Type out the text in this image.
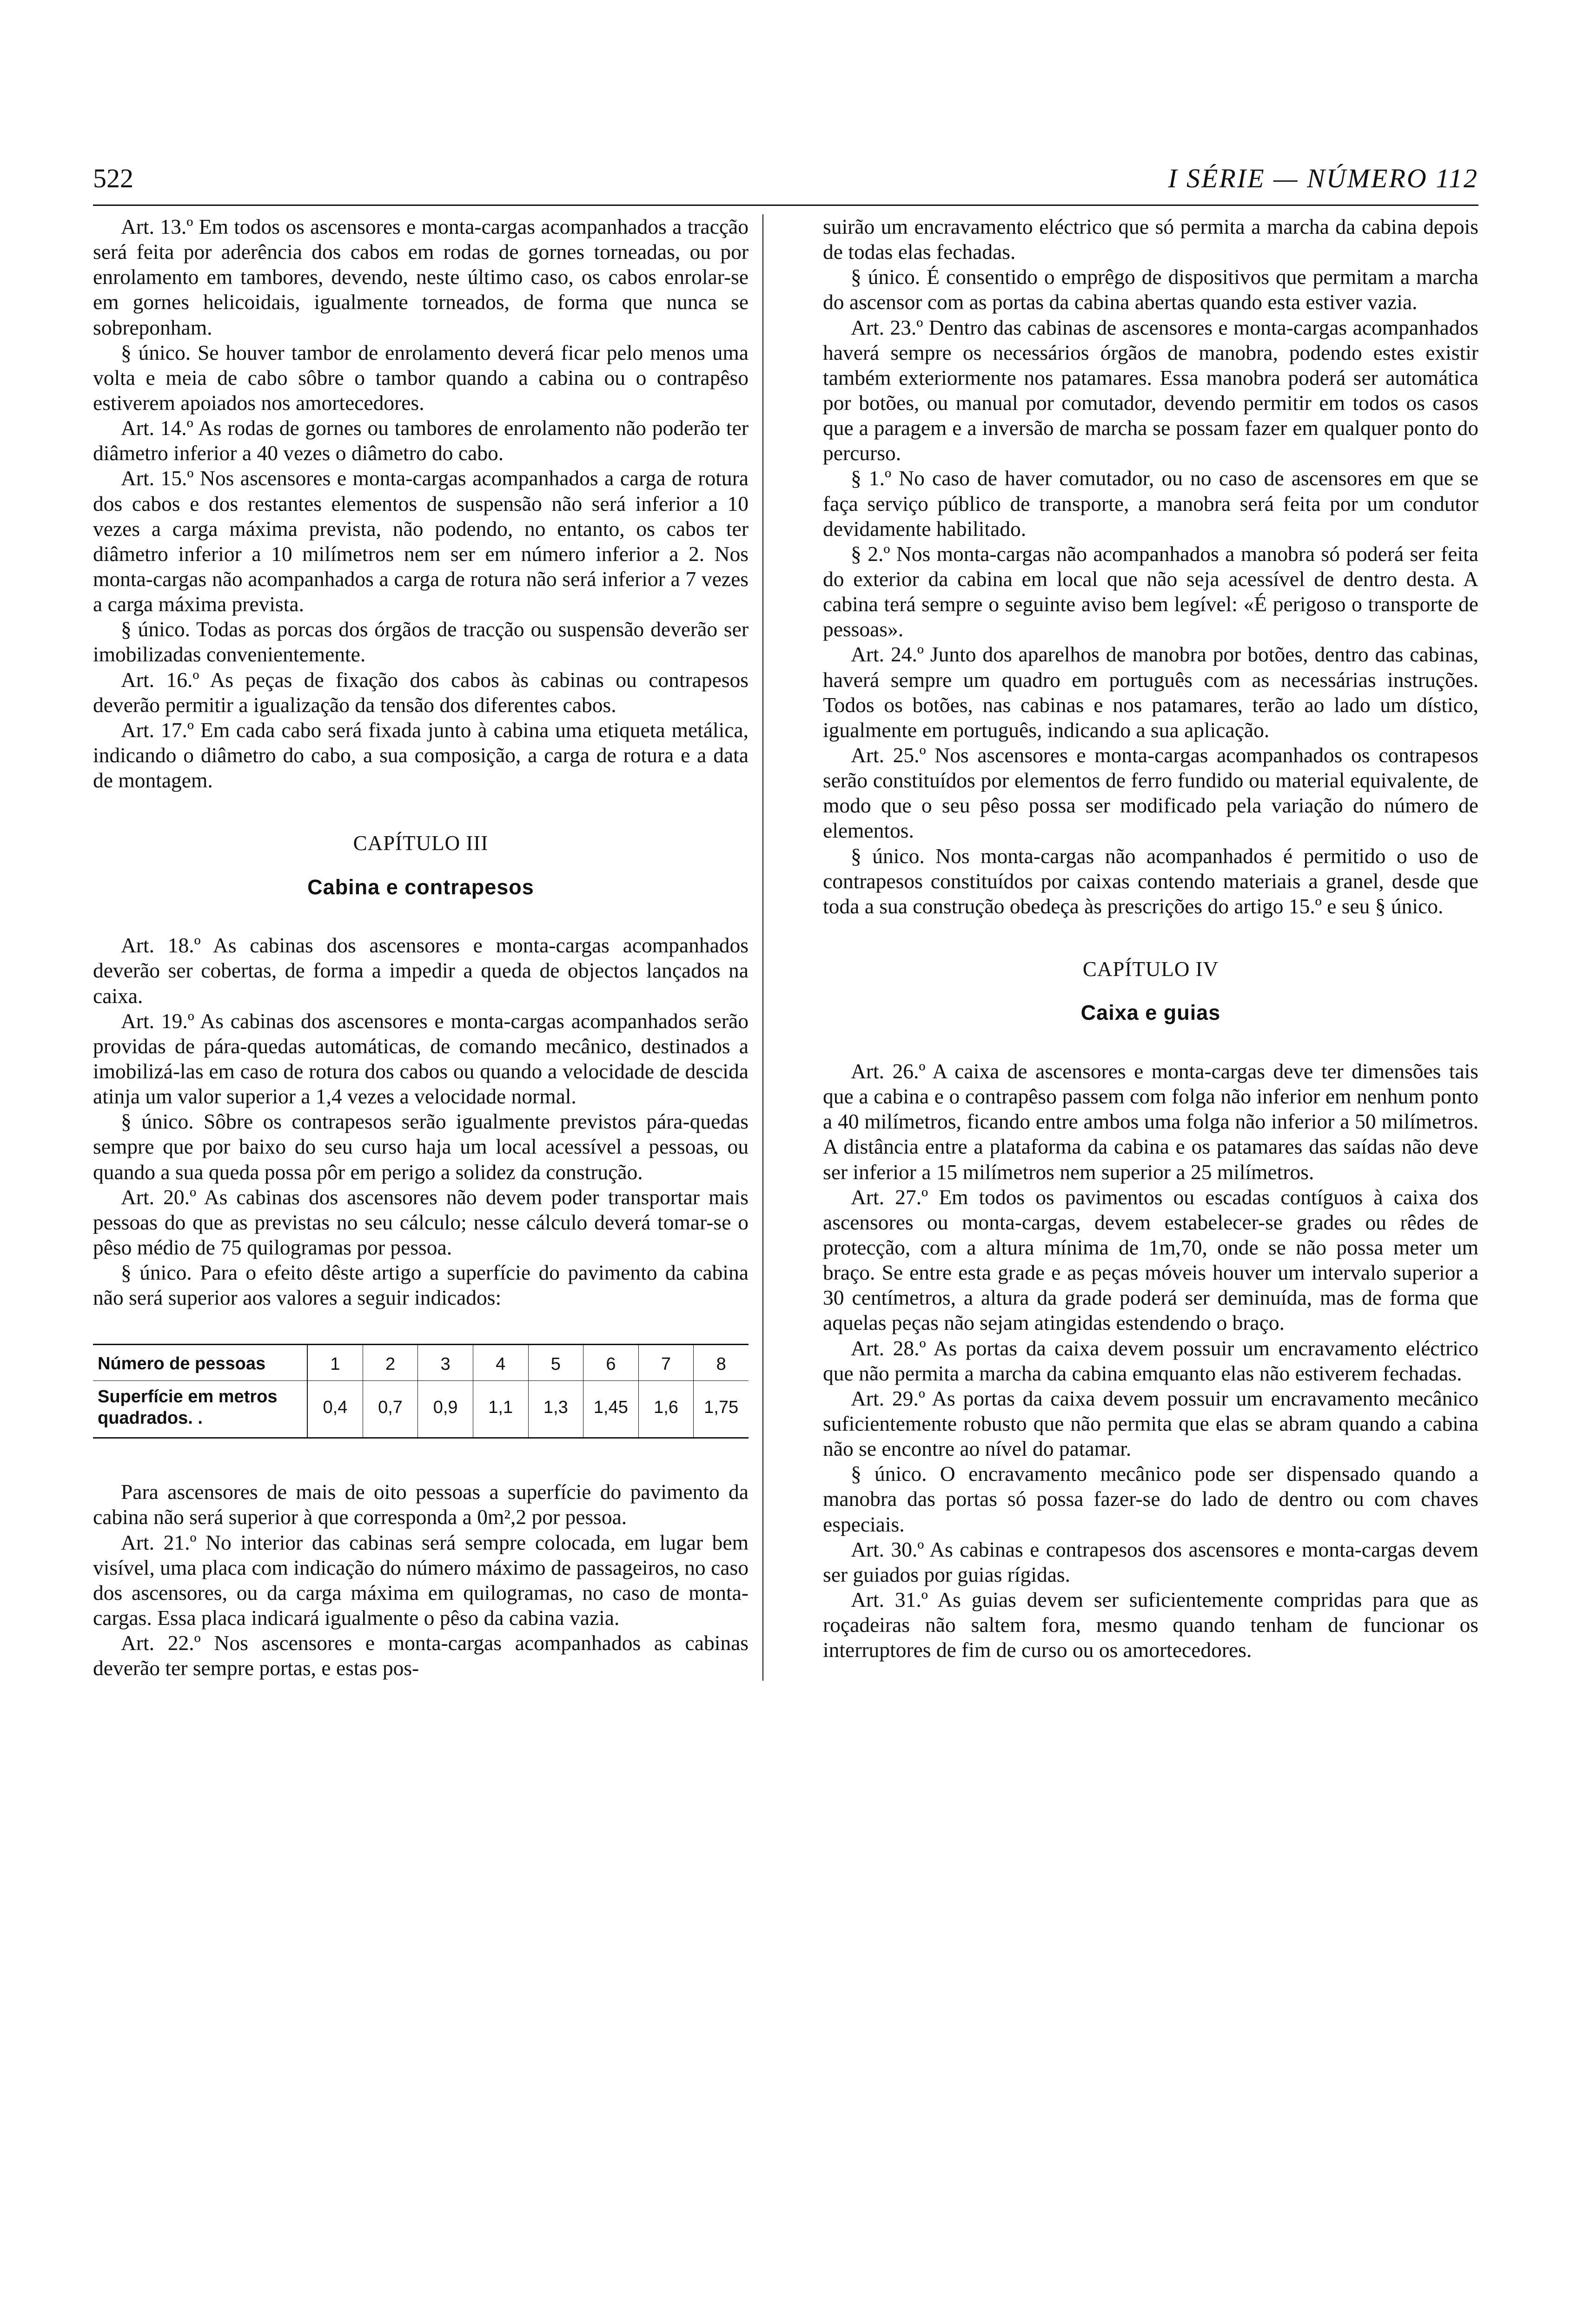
522	I SÉRIE — NÚMERO 112

Art. 13.º Em todos os ascensores e monta-cargas acompanhados a tracção será feita por aderência dos cabos em rodas de gornes torneadas, ou por enrolamento em tambores, devendo, neste último caso, os cabos enrolar-se em gornes helicoidais, igualmente torneados, de forma que nunca se sobreponham.

§ único. Se houver tambor de enrolamento deverá ficar pelo menos uma volta e meia de cabo sôbre o tambor quando a cabina ou o contrapêso estiverem apoiados nos amortecedores.

Art. 14.º As rodas de gornes ou tambores de enrolamento não poderão ter diâmetro inferior a 40 vezes o diâmetro do cabo.

Art. 15.º Nos ascensores e monta-cargas acompanhados a carga de rotura dos cabos e dos restantes elementos de suspensão não será inferior a 10 vezes a carga máxima prevista, não podendo, no entanto, os cabos ter diâmetro inferior a 10 milímetros nem ser em número inferior a 2. Nos monta-cargas não acompanhados a carga de rotura não será inferior a 7 vezes a carga máxima prevista.

§ único. Todas as porcas dos órgãos de tracção ou suspensão deverão ser imobilizadas convenientemente.

Art. 16.º As peças de fixação dos cabos às cabinas ou contrapesos deverão permitir a igualização da tensão dos diferentes cabos.

Art. 17.º Em cada cabo será fixada junto à cabina uma etiqueta metálica, indicando o diâmetro do cabo, a sua composição, a carga de rotura e a data de montagem.

CAPÍTULO III
Cabina e contrapesos

Art. 18.º As cabinas dos ascensores e monta-cargas acompanhados deverão ser cobertas, de forma a impedir a queda de objectos lançados na caixa.

Art. 19.º As cabinas dos ascensores e monta-cargas acompanhados serão providas de pára-quedas automáticas, de comando mecânico, destinados a imobilizá-las em caso de rotura dos cabos ou quando a velocidade de descida atinja um valor superior a 1,4 vezes a velocidade normal.

§ único. Sôbre os contrapesos serão igualmente previstos pára-quedas sempre que por baixo do seu curso haja um local acessível a pessoas, ou quando a sua queda possa pôr em perigo a solidez da construção.

Art. 20.º As cabinas dos ascensores não devem poder transportar mais pessoas do que as previstas no seu cálculo; nesse cálculo deverá tomar-se o pêso médio de 75 quilogramas por pessoa.

§ único. Para o efeito dêste artigo a superfície do pavimento da cabina não será superior aos valores a seguir indicados:

Número de pessoas	1	2	3	4	5	6	7	8
Superfície em metros quadrados. .	0,4	0,7	0,9	1,1	1,3	1,45	1,6	1,75

Para ascensores de mais de oito pessoas a superfície do pavimento da cabina não será superior à que corresponda a 0m²,2 por pessoa.

Art. 21.º No interior das cabinas será sempre colocada, em lugar bem visível, uma placa com indicação do número máximo de passageiros, no caso dos ascensores, ou da carga máxima em quilogramas, no caso de monta-cargas. Essa placa indicará igualmente o pêso da cabina vazia.

Art. 22.º Nos ascensores e monta-cargas acompanhados as cabinas deverão ter sempre portas, e estas pos-

suirão um encravamento eléctrico que só permita a marcha da cabina depois de todas elas fechadas.

§ único. É consentido o emprêgo de dispositivos que permitam a marcha do ascensor com as portas da cabina abertas quando esta estiver vazia.

Art. 23.º Dentro das cabinas de ascensores e monta-cargas acompanhados haverá sempre os necessários órgãos de manobra, podendo estes existir também exteriormente nos patamares. Essa manobra poderá ser automática por botões, ou manual por comutador, devendo permitir em todos os casos que a paragem e a inversão de marcha se possam fazer em qualquer ponto do percurso.

§ 1.º No caso de haver comutador, ou no caso de ascensores em que se faça serviço público de transporte, a manobra será feita por um condutor devidamente habilitado.

§ 2.º Nos monta-cargas não acompanhados a manobra só poderá ser feita do exterior da cabina em local que não seja acessível de dentro desta. A cabina terá sempre o seguinte aviso bem legível: «É perigoso o transporte de pessoas».

Art. 24.º Junto dos aparelhos de manobra por botões, dentro das cabinas, haverá sempre um quadro em português com as necessárias instruções. Todos os botões, nas cabinas e nos patamares, terão ao lado um dístico, igualmente em português, indicando a sua aplicação.

Art. 25.º Nos ascensores e monta-cargas acompanhados os contrapesos serão constituídos por elementos de ferro fundido ou material equivalente, de modo que o seu pêso possa ser modificado pela variação do número de elementos.

§ único. Nos monta-cargas não acompanhados é permitido o uso de contrapesos constituídos por caixas contendo materiais a granel, desde que toda a sua construção obedeça às prescrições do artigo 15.º e seu § único.

CAPÍTULO IV
Caixa e guias

Art. 26.º A caixa de ascensores e monta-cargas deve ter dimensões tais que a cabina e o contrapêso passem com folga não inferior em nenhum ponto a 40 milímetros, ficando entre ambos uma folga não inferior a 50 milímetros. A distância entre a plataforma da cabina e os patamares das saídas não deve ser inferior a 15 milímetros nem superior a 25 milímetros.

Art. 27.º Em todos os pavimentos ou escadas contíguos à caixa dos ascensores ou monta-cargas, devem estabelecer-se grades ou rêdes de protecção, com a altura mínima de 1m,70, onde se não possa meter um braço. Se entre esta grade e as peças móveis houver um intervalo superior a 30 centímetros, a altura da grade poderá ser deminuída, mas de forma que aquelas peças não sejam atingidas estendendo o braço.

Art. 28.º As portas da caixa devem possuir um encravamento eléctrico que não permita a marcha da cabina emquanto elas não estiverem fechadas.

Art. 29.º As portas da caixa devem possuir um encravamento mecânico suficientemente robusto que não permita que elas se abram quando a cabina não se encontre ao nível do patamar.

§ único. O encravamento mecânico pode ser dispensado quando a manobra das portas só possa fazer-se do lado de dentro ou com chaves especiais.

Art. 30.º As cabinas e contrapesos dos ascensores e monta-cargas devem ser guiados por guias rígidas.

Art. 31.º As guias devem ser suficientemente compridas para que as roçadeiras não saltem fora, mesmo quando tenham de funcionar os interruptores de fim de curso ou os amortecedores.
